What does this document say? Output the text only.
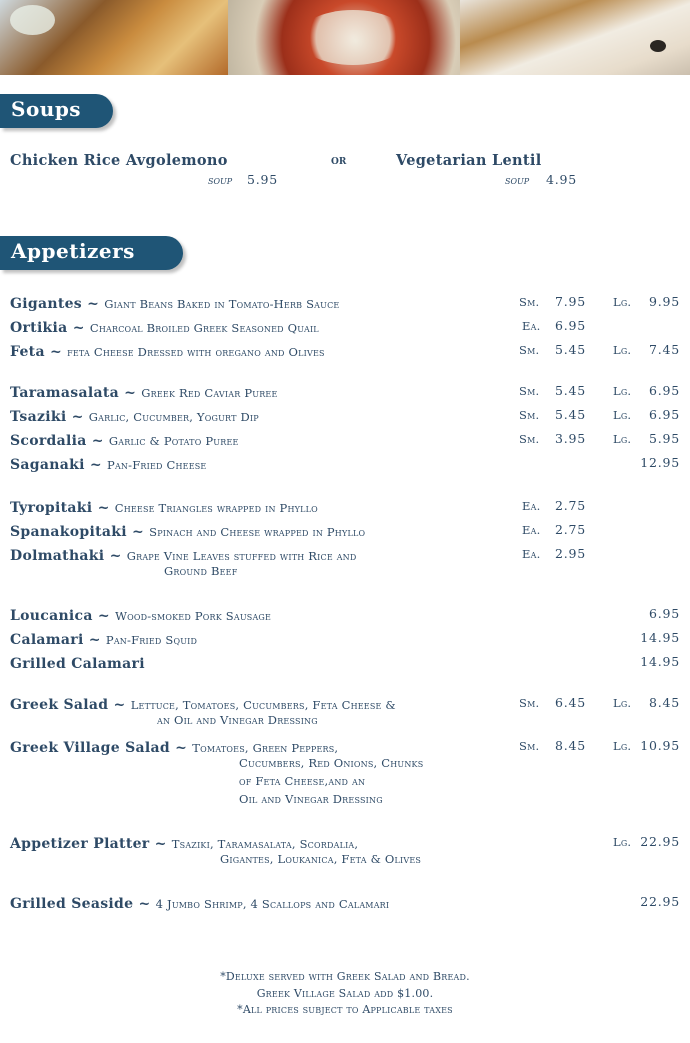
Soups
Chicken Rice Avgolemono
soup 5.95
or	Vegetarian Lentil
soup 4.95
Appetizers
Gigantes ~ Giant Beans Baked in Tomato-Herb Sauce	Sm. 7.95 Lg. 9.95
Ortikia ~ Charcoal Broiled Greek Seasoned Quail	Ea. 6.95
Feta ~ feta Cheese Dressed with oregano and Olives	Sm. 5.45 Lg. 7.45
Taramasalata ~ Greek Red Caviar Puree	Sm. 5.45 Lg. 6.95
Tsaziki ~ Garlic, Cucumber, Yogurt Dip	Sm. 5.45 Lg. 6.95
Scordalia ~ Garlic & Potato Puree	Sm. 3.95 Lg. 5.95
Saganaki ~ Pan-Fried Cheese	12.95
Tyropitaki ~ Cheese Triangles wrapped in Phyllo	Ea. 2.75
Spanakopitaki ~ Spinach and Cheese wrapped in Phyllo	Ea. 2.75
Dolmathaki ~ Grape Vine Leaves stuffed with Rice and
Ground Beef
Ea. 2.95
Loucanica ~ Wood-smoked Pork Sausage	6.95
Calamari ~ Pan-Fried Squid	14.95
Grilled Calamari	14.95
Greek Salad ~ Lettuce, Tomatoes, Cucumbers, Feta Cheese &
an Oil and Vinegar Dressing
Sm. 6.45 Lg. 8.45
Greek Village Salad ~ Tomatoes, Green Peppers,
Cucumbers, Red Onions, Chunks
of Feta Cheese,and an
Oil and Vinegar Dressing
Sm. 8.45 Lg. 10.95
Appetizer Platter ~ Tsaziki, Taramasalata, Scordalia,
Gigantes, Loukanica, Feta & Olives
Lg. 22.95
Grilled Seaside ~ 4 Jumbo Shrimp, 4 Scallops and Calamari	22.95
*Deluxe served with Greek Salad and Bread.
Greek Village Salad add $1.00.
*All prices subject to Applicable taxes
